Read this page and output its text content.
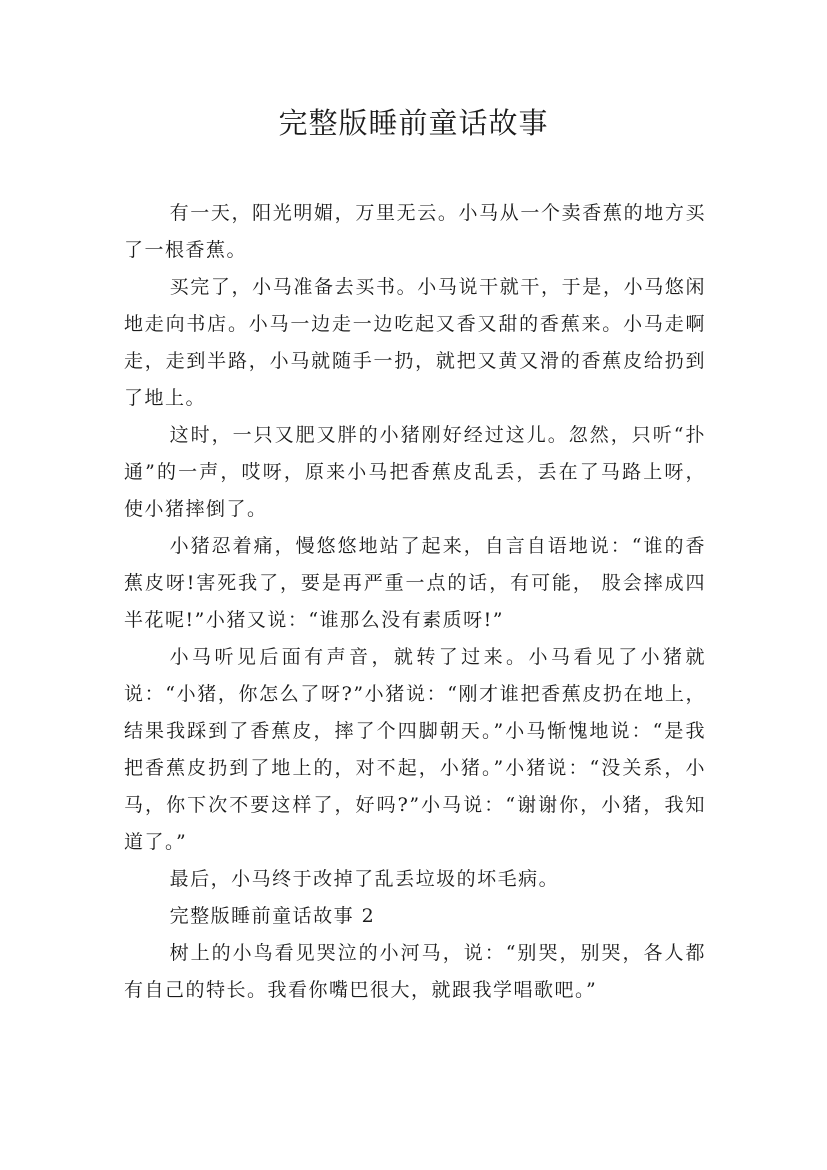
完整版睡前童话故事

有一天，阳光明媚，万里无云。小马从一个卖香蕉的地方买了一根香蕉。

买完了，小马准备去买书。小马说干就干，于是，小马悠闲地走向书店。小马一边走一边吃起又香又甜的香蕉来。小马走啊走，走到半路，小马就随手一扔，就把又黄又滑的香蕉皮给扔到了地上。

这时，一只又肥又胖的小猪刚好经过这儿。忽然，只听“扑通”的一声，哎呀，原来小马把香蕉皮乱丢，丢在了马路上呀，使小猪摔倒了。

小猪忍着痛，慢悠悠地站了起来，自言自语地说：“谁的香蕉皮呀!害死我了，要是再严重一点的话，有可能， 股会摔成四半花呢!”小猪又说：“谁那么没有素质呀!”

小马听见后面有声音，就转了过来。小马看见了小猪就说：“小猪，你怎么了呀?”小猪说：“刚才谁把香蕉皮扔在地上，结果我踩到了香蕉皮，摔了个四脚朝天。”小马惭愧地说：“是我把香蕉皮扔到了地上的，对不起，小猪。”小猪说：“没关系，小马，你下次不要这样了，好吗?”小马说：“谢谢你，小猪，我知道了。”

最后，小马终于改掉了乱丢垃圾的坏毛病。

完整版睡前童话故事 2

树上的小鸟看见哭泣的小河马，说：“别哭，别哭，各人都有自己的特长。我看你嘴巴很大，就跟我学唱歌吧。”
